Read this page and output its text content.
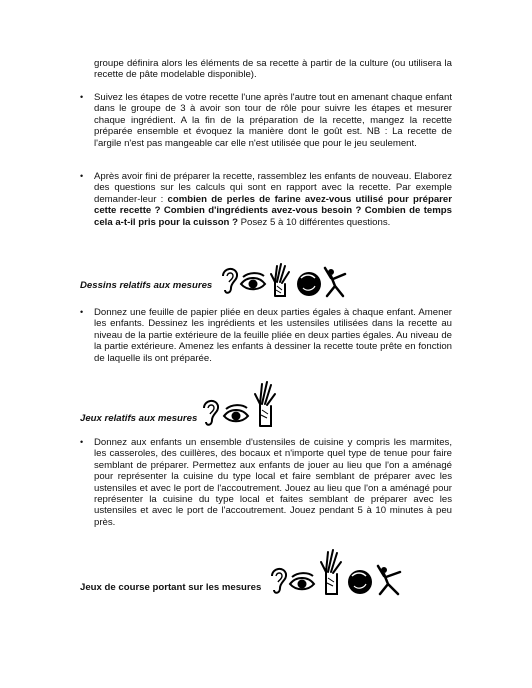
groupe définira alors les éléments de sa recette à partir de la culture (ou utilisera la recette de pâte modelable disponible).

• Suivez les étapes de votre recette l'une après l'autre tout en amenant chaque enfant dans le groupe de 3 à avoir son tour de rôle pour suivre les étapes et mesurer chaque ingrédient. A la fin de la préparation de la recette, mangez la recette préparée ensemble et évoquez la manière dont le goût est. NB : La recette de l'argile n'est pas mangeable car elle n'est utilisée que pour le jeu seulement.

• Après avoir fini de préparer la recette, rassemblez les enfants de nouveau. Elaborez des questions sur les calculs qui sont en rapport avec la recette. Par exemple demander-leur : combien de perles de farine avez-vous utilisé pour préparer cette recette ? Combien d'ingrédients avez-vous besoin ? Combien de temps cela a-t-il pris pour la cuisson ? Posez 5 à 10 différentes questions.

Dessins relatifs aux mesures

• Donnez une feuille de papier pliée en deux parties égales à chaque enfant. Amener les enfants. Dessinez les ingrédients et les ustensiles utilisées dans la recette au niveau de la partie extérieure de la feuille pliée en deux parties égales. Au niveau de la partie extérieure. Amenez les enfants à dessiner la recette toute prête en fonction de laquelle ils ont préparée.

Jeux relatifs aux mesures

• Donnez aux enfants un ensemble d'ustensiles de cuisine y compris les marmites, les casseroles, des cuillères, des bocaux et n'importe quel type de tenue pour faire semblant de préparer. Permettez aux enfants de jouer au lieu que l'on a aménagé pour représenter la cuisine du type local et faire semblant de préparer avec les ustensiles et avec le port de l'accoutrement. Jouez au lieu que l'on a aménagé pour représenter la cuisine du type local et faites semblant de préparer avec les ustensiles et avec le port de l'accoutrement. Jouez pendant 5 à 10 minutes à peu près.

Jeux de course portant sur les mesures
